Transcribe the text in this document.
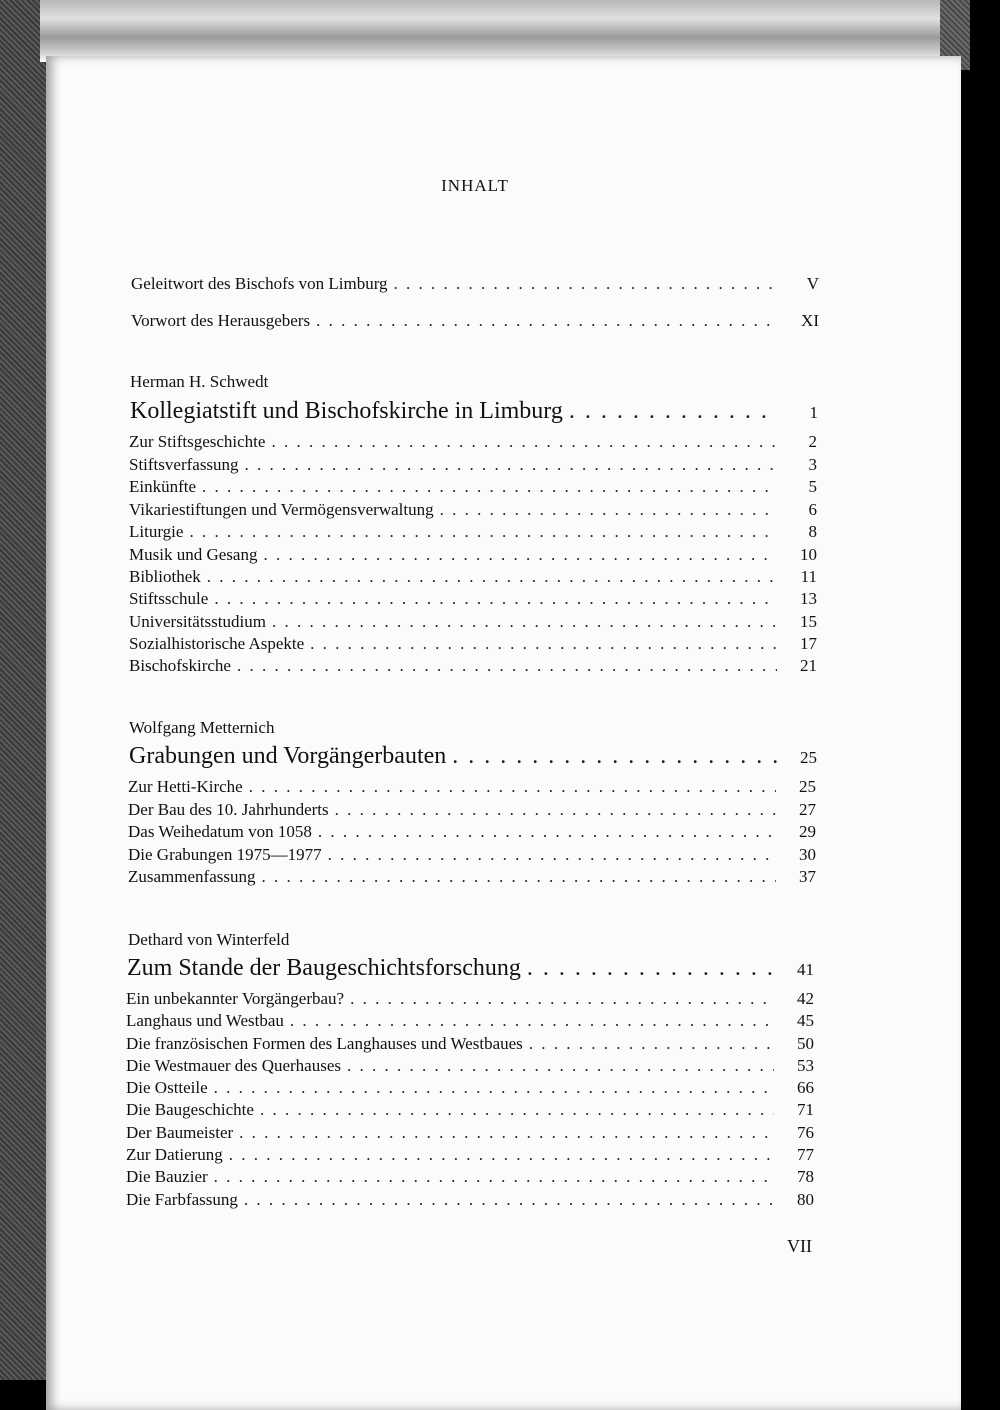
INHALT
Geleitwort des Bischofs von Limburg . . .	V
Vorwort des Herausgebers . . .	XI
Herman H. Schwedt
Kollegiatstift und Bischofskirche in Limburg . . .	1
Zur Stiftsgeschichte . . .	2
Stiftsverfassung . . .	3
Einkünfte . . .	5
Vikariestiftungen und Vermögensverwaltung . . .	6
Liturgie . . .	8
Musik und Gesang . . .	10
Bibliothek . . .	11
Stiftsschule . . .	13
Universitätsstudium . . .	15
Sozialhistorische Aspekte . . .	17
Bischofskirche . . .	21
Wolfgang Metternich
Grabungen und Vorgängerbauten . . .	25
Zur Hetti-Kirche . . .	25
Der Bau des 10. Jahrhunderts . . .	27
Das Weihedatum von 1058 . . .	29
Die Grabungen 1975—1977 . . .	30
Zusammenfassung . . .	37
Dethard von Winterfeld
Zum Stande der Baugeschichtsforschung . . .	41
Ein unbekannter Vorgängerbau? . . .	42
Langhaus und Westbau . . .	45
Die französischen Formen des Langhauses und Westbaues . . .	50
Die Westmauer des Querhauses . . .	53
Die Ostteile . . .	66
Die Baugeschichte . . .	71
Der Baumeister . . .	76
Zur Datierung . . .	77
Die Bauzier . . .	78
Die Farbfassung . . .	80
VII
